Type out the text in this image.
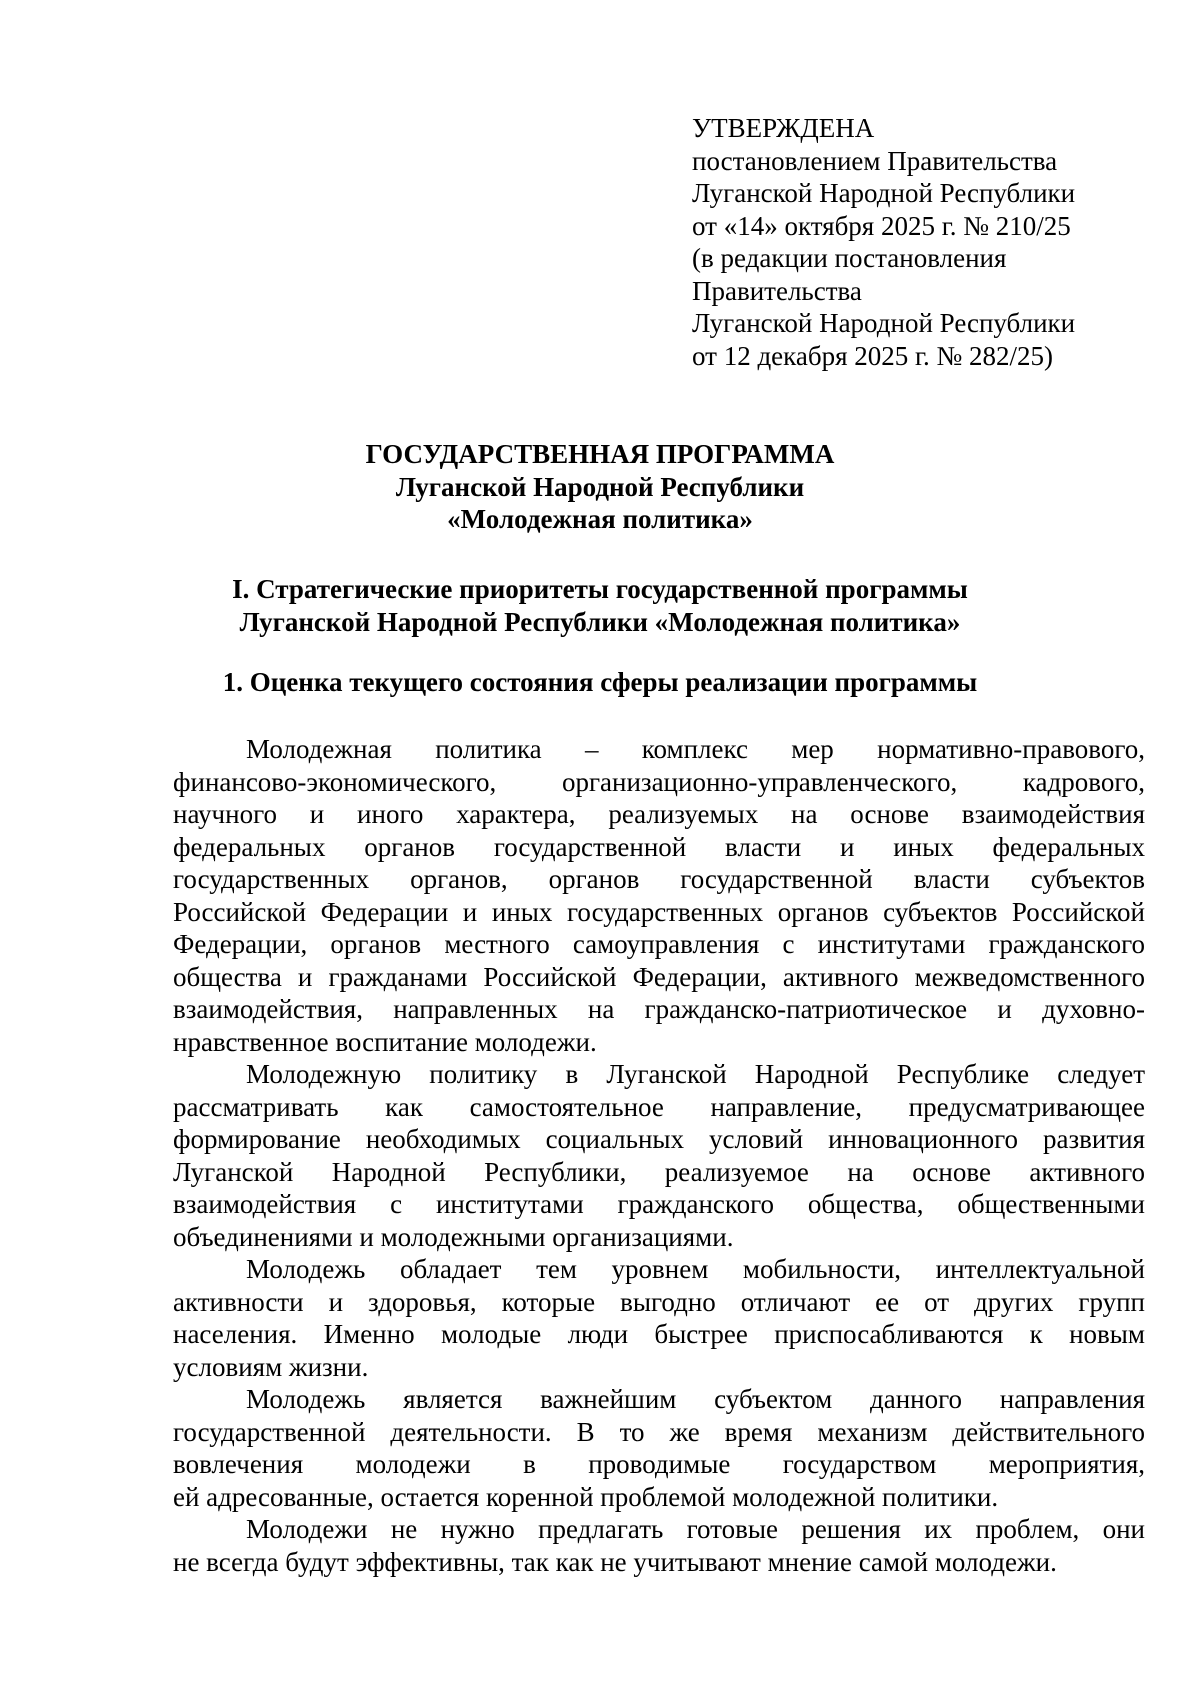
УТВЕРЖДЕНА
постановлением Правительства
Луганской Народной Республики
от «14» октября 2025 г. № 210/25
(в редакции постановления
Правительства
Луганской Народной Республики
от 12 декабря 2025 г. № 282/25)
ГОСУДАРСТВЕННАЯ ПРОГРАММА
Луганской Народной Республики
«Молодежная политика»
I. Стратегические приоритеты государственной программы
Луганской Народной Республики «Молодежная политика»
1. Оценка текущего состояния сферы реализации программы
Молодежная политика – комплекс мер нормативно-правового,
финансово-экономического, организационно-управленческого, кадрового,
научного и иного характера, реализуемых на основе взаимодействия
федеральных органов государственной власти и иных федеральных
государственных органов, органов государственной власти субъектов
Российской Федерации и иных государственных органов субъектов Российской
Федерации, органов местного самоуправления с институтами гражданского
общества и гражданами Российской Федерации, активного межведомственного
взаимодействия, направленных на гражданско-патриотическое и духовно-
нравственное воспитание молодежи.
Молодежную политику в Луганской Народной Республике следует
рассматривать как самостоятельное направление, предусматривающее
формирование необходимых социальных условий инновационного развития
Луганской Народной Республики, реализуемое на основе активного
взаимодействия с институтами гражданского общества, общественными
объединениями и молодежными организациями.
Молодежь обладает тем уровнем мобильности, интеллектуальной
активности и здоровья, которые выгодно отличают ее от других групп
населения. Именно молодые люди быстрее приспосабливаются к новым
условиям жизни.
Молодежь является важнейшим субъектом данного направления
государственной деятельности. В то же время механизм действительного
вовлечения молодежи в проводимые государством мероприятия,
ей адресованные, остается коренной проблемой молодежной политики.
Молодежи не нужно предлагать готовые решения их проблем, они
не всегда будут эффективны, так как не учитывают мнение самой молодежи.
